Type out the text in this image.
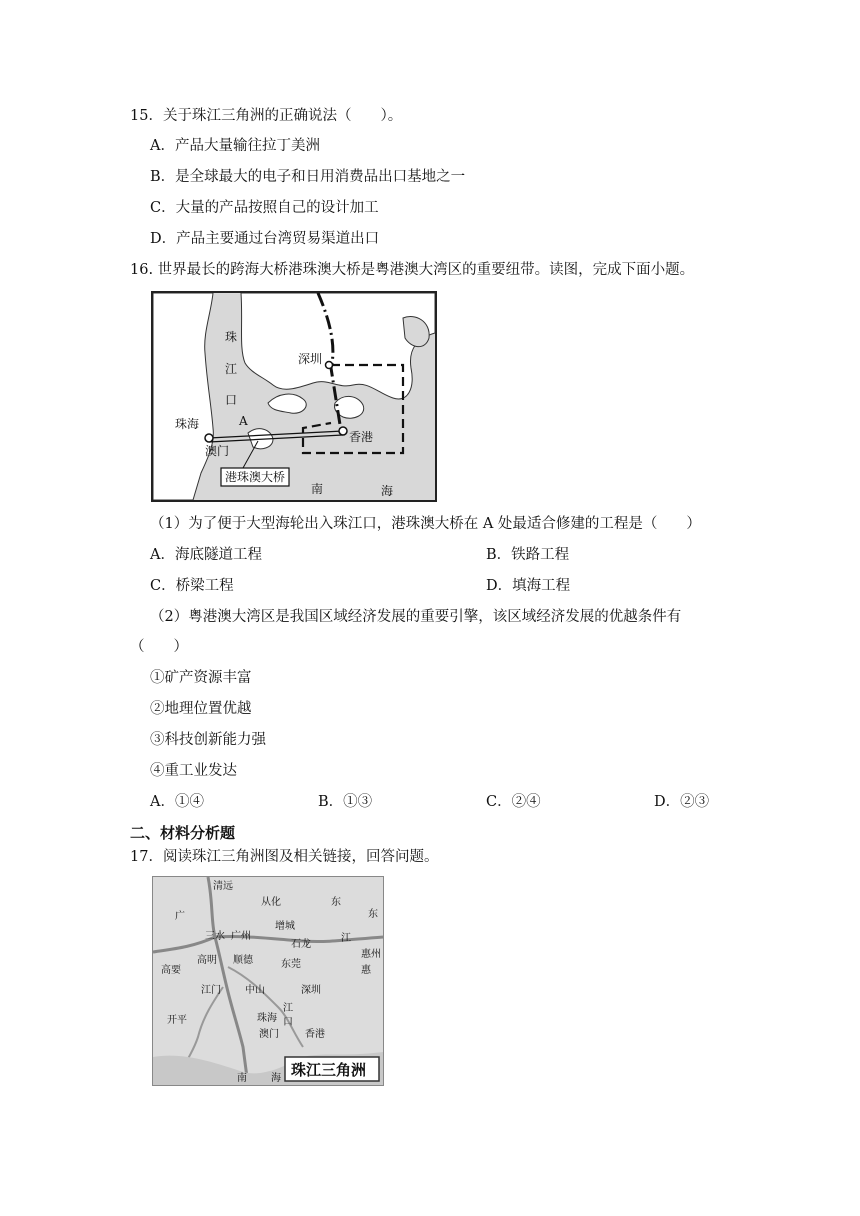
15．关于珠江三角洲的正确说法（　　）。
A．产品大量输往拉丁美洲
B．是全球最大的电子和日用消费品出口基地之一
C．大量的产品按照自己的设计加工
D．产品主要通过台湾贸易渠道出口
16. 世界最长的跨海大桥港珠澳大桥是粤港澳大湾区的重要纽带。读图，完成下面小题。
珠
江
口
A
珠海
澳门
深圳
香港
港珠澳大桥
南	海
（1）为了便于大型海轮出入珠江口，港珠澳大桥在 A 处最适合修建的工程是（　　）
A．海底隧道工程	B．铁路工程
C．桥梁工程	D．填海工程
（2）粤港澳大湾区是我国区域经济发展的重要引擎，该区域经济发展的优越条件有
（　　）
①矿产资源丰富
②地理位置优越
③科技创新能力强
④重工业发达
A．①④	B．①③	C．②④	D．②③
二、材料分析题
17．阅读珠江三角洲图及相关链接，回答问题。
珠江三角洲
清远
从化	东
东
广
三水 广州
增城
石龙
江
惠州
高要
高明 顺德	东莞
惠
江门 中山	深圳
开平	珠海
江
口
澳门	香港
南 海
